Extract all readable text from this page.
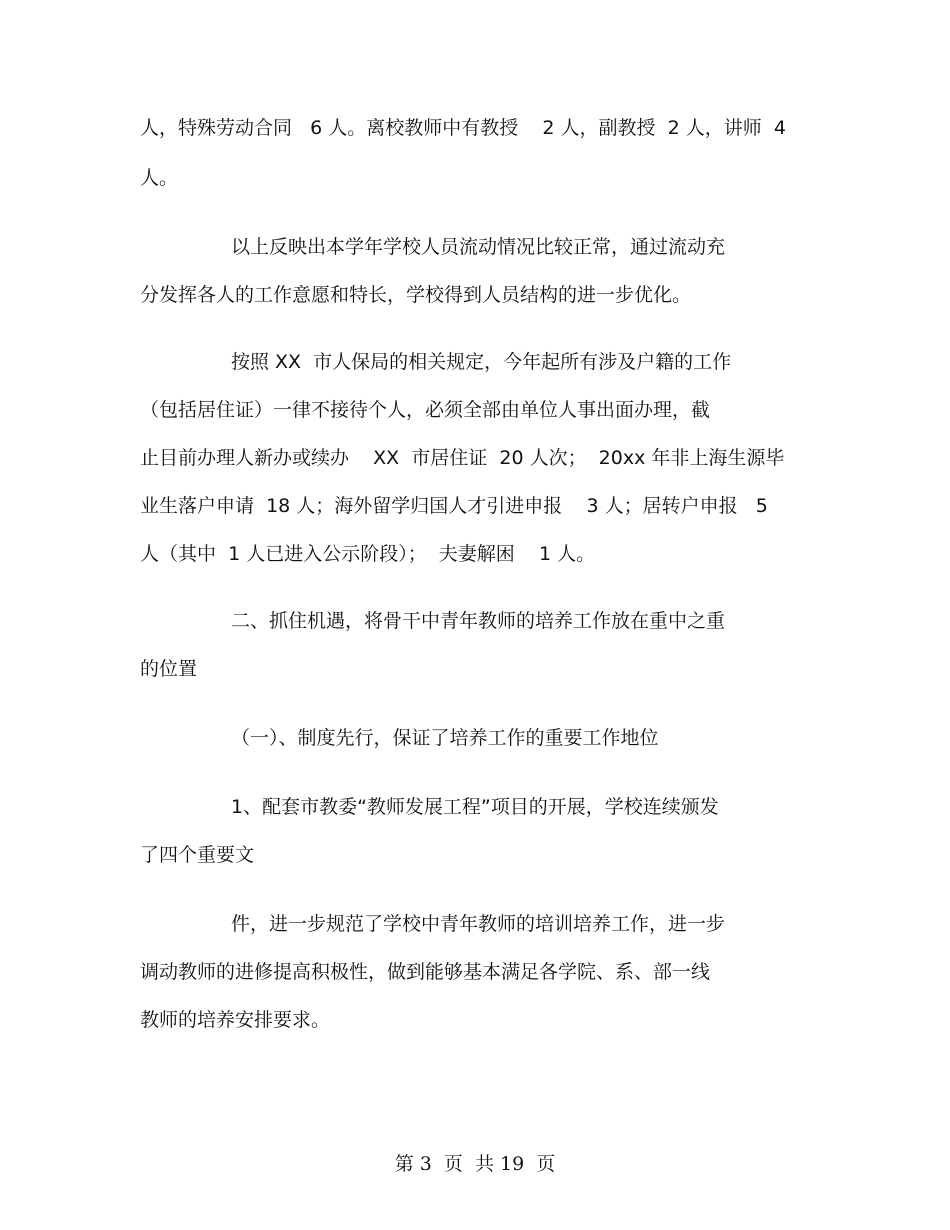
人，特殊劳动合同   6 人。离校教师中有教授    2 人，副教授  2 人，讲师  4
人。
以上反映出本学年学校人员流动情况比较正常，通过流动充
分发挥各人的工作意愿和特长，学校得到人员结构的进一步优化。
按照 XX  市人保局的相关规定，今年起所有涉及户籍的工作
（包括居住证）一律不接待个人，必须全部由单位人事出面办理，截
止目前办理人新办或续办    XX  市居住证  20 人次；  20xx 年非上海生源毕
业生落户申请  18 人；海外留学归国人才引进申报    3 人；居转户申报   5
人（其中  1 人已进入公示阶段）；  夫妻解困    1 人。
二、抓住机遇，将骨干中青年教师的培养工作放在重中之重
的位置
（一）、制度先行，保证了培养工作的重要工作地位
1、配套市教委“教师发展工程”项目的开展，学校连续颁发
了四个重要文
件，进一步规范了学校中青年教师的培训培养工作，进一步
调动教师的进修提高积极性，做到能够基本满足各学院、系、部一线
教师的培养安排要求。
第 3  页  共 19  页
